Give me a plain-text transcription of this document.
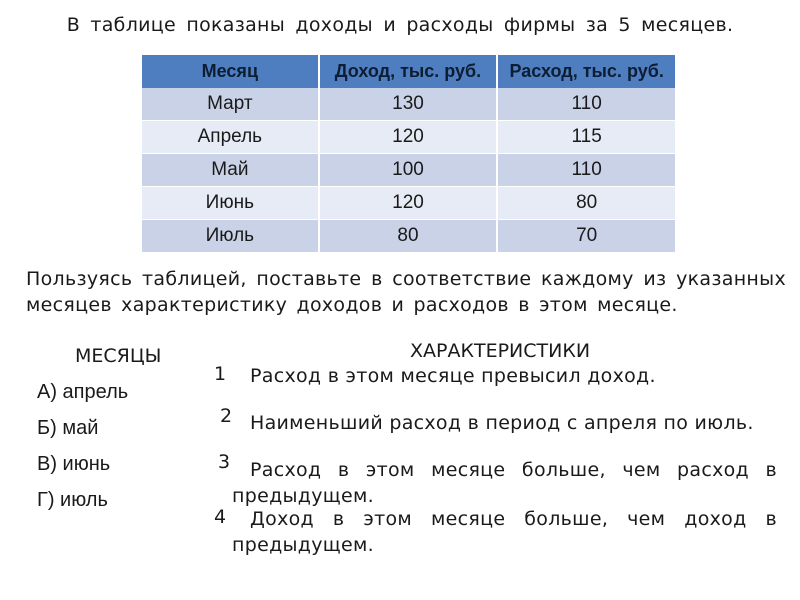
В таблице показаны доходы и расходы фирмы за 5 месяцев.
Месяц	Доход, тыс. руб.	Расход, тыс. руб.
Март	130	110
Апрель	120	115
Май	100	110
Июнь	120	80
Июль	80	70
Пользуясь таблицей, поставьте в соответствие каждому из указанных месяцев характеристику доходов и расходов в этом месяце.
МЕСЯЦЫ
А) апрель
Б) май
В) июнь
Г) июль
ХАРАКТЕРИСТИКИ
1 Расход в этом месяце превысил доход.
2 Наименьший расход в период с апреля по июль.
3	Расход в этом месяце больше, чем расход в предыдущем.
4	Доход в этом месяце больше, чем доход в предыдущем.
